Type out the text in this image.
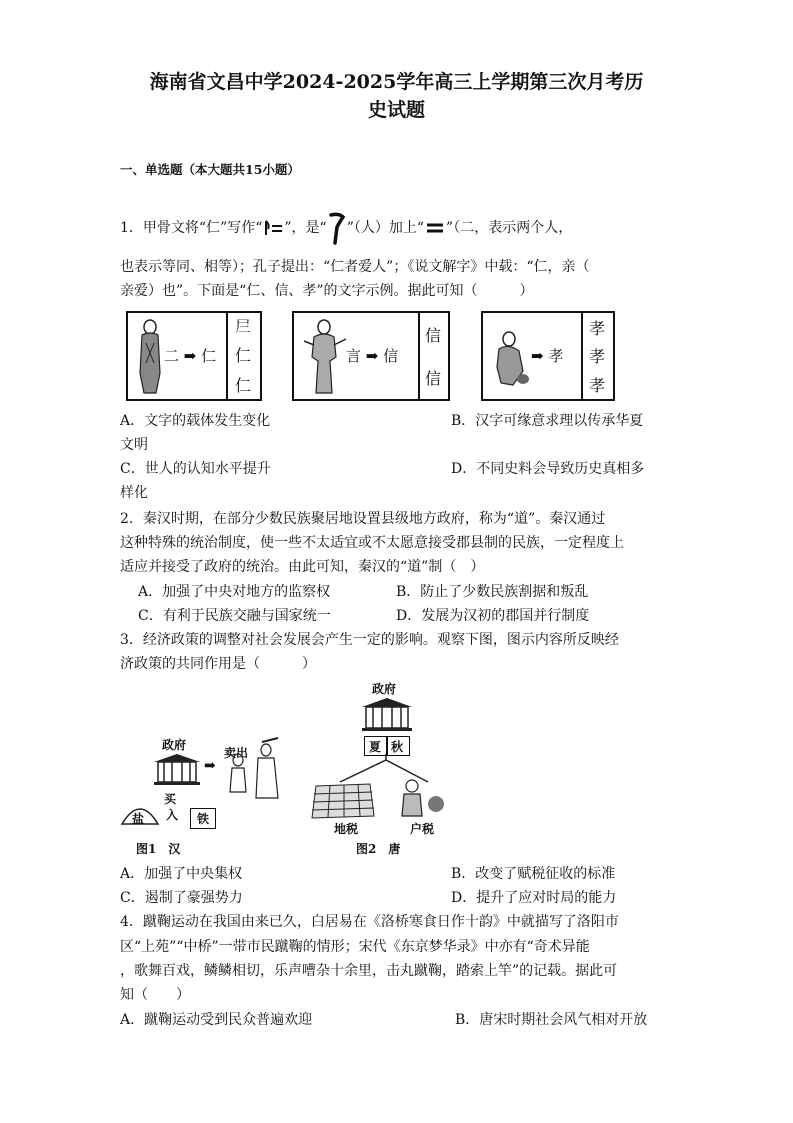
海南省文昌中学2024-2025学年高三上学期第三次月考历
史试题
一、单选题（本大题共15小题）
1．甲骨文将“仁”写作“ ”，是“ ”（人）加上“ ”（二，表示两个人，
也表示等同、相等）；孔子提出：“仁者爱人”；《说文解字》中载：“仁，亲（
亲爱）也”。下面是“仁、信、孝”的文字示例。据此可知（　　　）
二 ➡ 仁
𡰥
仁
仁
言 ➡ 信
信
信
➡ 孝
孝
孝
孝
A．文字的载体发生变化	B．汉字可缘意求理以传承华夏
文明
C．世人的认知水平提升	D．不同史料会导致历史真相多
样化
2．秦汉时期，在部分少数民族聚居地设置县级地方政府，称为“道”。秦汉通过
这种特殊的统治制度，使一些不太适宜或不太愿意接受郡县制的民族，一定程度上
适应并接受了政府的统治。由此可知，秦汉的“道”制（　）
A．加强了中央对地方的监察权	B．防止了少数民族割据和叛乱
C．有利于民族交融与国家统一	D．发展为汉初的郡国并行制度
3．经济政策的调整对社会发展会产生一定的影响。观察下图，图示内容所反映经
济政策的共同作用是（　　　）
政府
卖出
➡
买
入
盐	铁
图1　汉
政府
夏 秋
地税	户税
图2　唐
A．加强了中央集权	B．改变了赋税征收的标准
C．遏制了豪强势力	D．提升了应对时局的能力
4．蹴鞠运动在我国由来已久，白居易在《洛桥寒食日作十韵》中就描写了洛阳市
区“上苑”“中桥”一带市民蹴鞠的情形；宋代《东京梦华录》中亦有“奇术异能
，歌舞百戏，鳞鳞相切，乐声嘈杂十余里，击丸蹴鞠，踏索上竿”的记载。据此可
知（　　）
A．蹴鞠运动受到民众普遍欢迎	B．唐宋时期社会风气相对开放
